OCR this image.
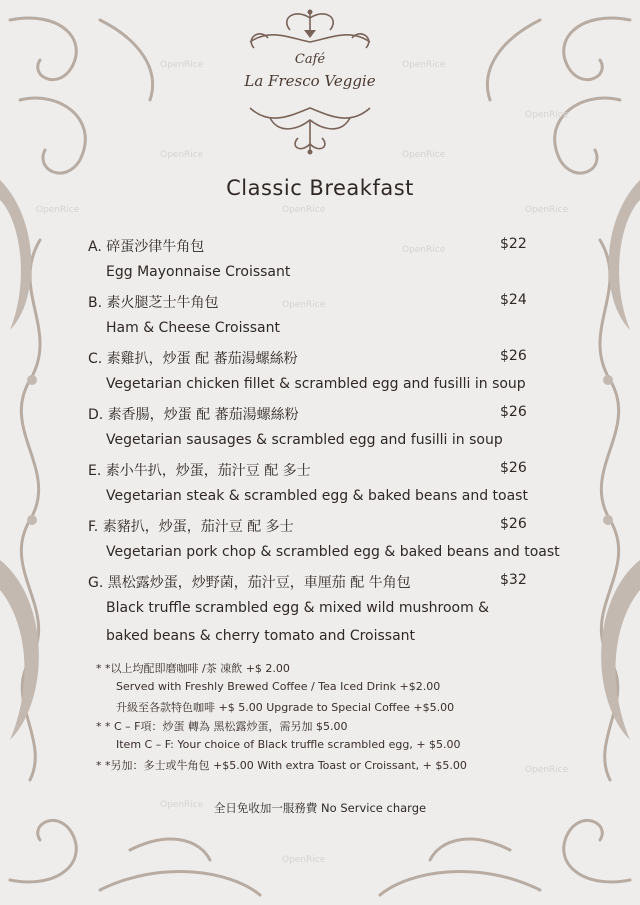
Café
La Fresco Veggie
Classic Breakfast
A. 碎蛋沙律牛角包	$22
Egg Mayonnaise Croissant
B. 素火腿芝士牛角包	$24
Ham & Cheese Croissant
C. 素雞扒，炒蛋 配 蕃茄湯螺絲粉	$26
Vegetarian chicken fillet & scrambled egg and fusilli in soup
D. 素香腸，炒蛋 配 蕃茄湯螺絲粉	$26
Vegetarian sausages & scrambled egg and fusilli in soup
E. 素小牛扒，炒蛋，茄汁豆 配 多士	$26
Vegetarian steak & scrambled egg & baked beans and toast
F. 素豬扒，炒蛋，茄汁豆 配 多士	$26
Vegetarian pork chop & scrambled egg & baked beans and toast
G. 黑松露炒蛋，炒野菌，茄汁豆，車厘茄 配 牛角包	$32
Black truffle scrambled egg & mixed wild mushroom &
baked beans & cherry tomato and Croissant
* *以上均配即磨咖啡 /茶 凍飲 +$ 2.00
Served with Freshly Brewed Coffee / Tea Iced Drink +$2.00
升級至各款特色咖啡 +$ 5.00 Upgrade to Special Coffee +$5.00
* * C – F項：炒蛋 轉為 黑松露炒蛋，需另加 $5.00
Item C – F: Your choice of Black truffle scrambled egg, + $5.00
* *另加：多士或牛角包 +$5.00 With extra Toast or Croissant, + $5.00
全日免收加一服務費 No Service charge
OpenRice	OpenRice
OpenRice
OpenRice	OpenRice
OpenRice
OpenRice	OpenRice
OpenRice
OpenRice
OpenRice
OpenRice
OpenRice
